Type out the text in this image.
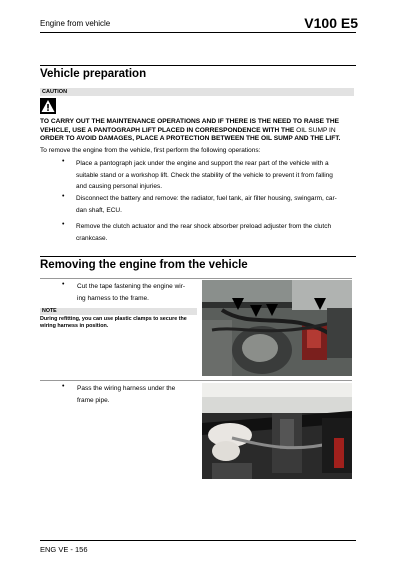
Engine from vehicle	V100 E5
Vehicle preparation
CAUTION
TO CARRY OUT THE MAINTENANCE OPERATIONS AND IF THERE IS THE NEED TO RAISE THE VEHICLE, USE A PANTOGRAPH LIFT PLACED IN CORRESPONDENCE WITH THE OIL SUMP IN
ORDER TO AVOID DAMAGES, PLACE A PROTECTION BETWEEN THE OIL SUMP AND THE LIFT.
To remove the engine from the vehicle, first perform the following operations:
• Place a pantograph jack under the engine and support the rear part of the vehicle with a
suitable stand or a workshop lift. Check the stability of the vehicle to prevent it from falling
and causing personal injuries.
• Disconnect the battery and remove: the radiator, fuel tank, air filter housing, swingarm, car-
dan shaft, ECU.
• Remove the clutch actuator and the rear shock absorber preload adjuster from the clutch
crankcase.
Removing the engine from the vehicle
• Cut the tape fastening the engine wir-
ing harness to the frame.
NOTE
During refitting, you can use plastic clamps to secure the
wiring harness in position.
• Pass the wiring harness under the
frame pipe.
ENG VE - 156
